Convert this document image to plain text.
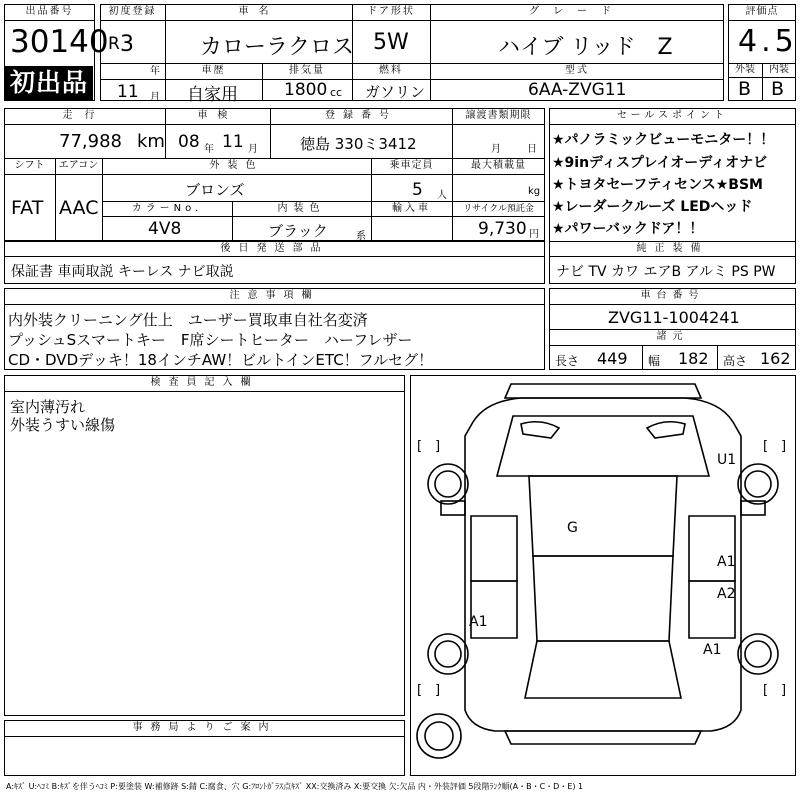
出品番号
30140
初出品
初度登録
R 3
年
11 月
車名
カローラクロス
ドア形状
5W
グレード
ハイブ リッド　Z
車歴
自家用
排気量
1800 cc
燃料
ガソリン
型式
6AA-ZVG11
評価点
4.5
外装	内装
B B
走行
77,988 km
車検
08 年 11 月
登録番号
徳島 330ミ3412
譲渡書類期限
月	日
シフト
FAT
エアコン
AAC
外装色
ブロンズ
乗車定員
5 人
最大積載量
kg
カラーNo.
4V8
内装色
ブラック	系
輸入車	リサイクル預託金
9,730 円
後日発送部品
保証書 車両取説 キーレス ナビ取説
セールスポイント
★パノラミックビューモニター！！
★9inディスプレイオーディオナビ
★トヨタセーフティセンス★BSM
★レーダークルーズ LEDヘッド
★パワーバックドア！！
純正装備
ナビ TV カワ エアB アルミ PS PW
注意事項欄
内外装クリーニング仕上　ユーザー買取車自社名変済
プッシュSスマートキー　F席シートヒーター　ハーフレザー
CD・DVDデッキ！18インチAW！ビルトインETC！フルセグ！
車台番号
ZVG11-1004241
諸元
長さ 449 幅 182 高さ 162
検査員記入欄
室内薄汚れ
外装うすい線傷
事務局よりご案内
[ ]	[ ]
[ ]	[ ]
U1
G
A1
A2
A1
A1
A:ｷｽﾞ U:ﾍｺﾐ B:ｷｽﾞを伴うﾍｺﾐ P:要塗装 W:補修跡 S:錆 C:腐食、穴 G:ﾌﾛﾝﾄｶﾞﾗｽ点ｷｽﾞ XX:交換済み X:要交換 欠:欠品 内・外装評価 5段階ﾗﾝｸ順(A・B・C・D・E) 1
